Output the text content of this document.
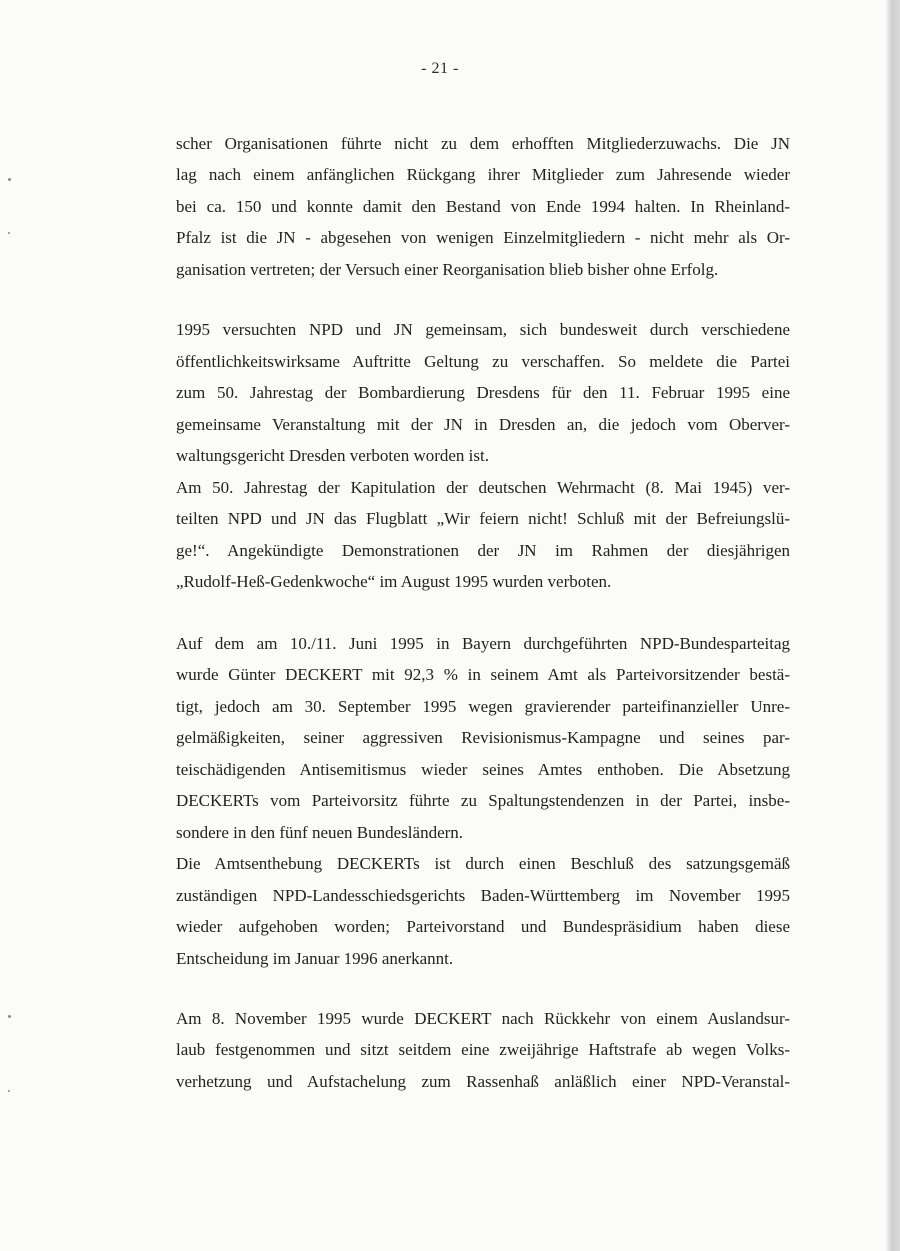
- 21 -
scher Organisationen führte nicht zu dem erhofften Mitgliederzuwachs. Die JN
lag nach einem anfänglichen Rückgang ihrer Mitglieder zum Jahresende wieder
bei ca. 150 und konnte damit den Bestand von Ende 1994 halten. In Rheinland-
Pfalz ist die JN - abgesehen von wenigen Einzelmitgliedern - nicht mehr als Or-
ganisation vertreten; der Versuch einer Reorganisation blieb bisher ohne Erfolg.
1995 versuchten NPD und JN gemeinsam, sich bundesweit durch verschiedene
öffentlichkeitswirksame Auftritte Geltung zu verschaffen. So meldete die Partei
zum 50. Jahrestag der Bombardierung Dresdens für den 11. Februar 1995 eine
gemeinsame Veranstaltung mit der JN in Dresden an, die jedoch vom Oberver-
waltungsgericht Dresden verboten worden ist.
Am 50. Jahrestag der Kapitulation der deutschen Wehrmacht (8. Mai 1945) ver-
teilten NPD und JN das Flugblatt „Wir feiern nicht! Schluß mit der Befreiungslü-
ge!“. Angekündigte Demonstrationen der JN im Rahmen der diesjährigen
„Rudolf-Heß-Gedenkwoche“ im August 1995 wurden verboten.
Auf dem am 10./11. Juni 1995 in Bayern durchgeführten NPD-Bundesparteitag
wurde Günter DECKERT mit 92,3 % in seinem Amt als Parteivorsitzender bestä-
tigt, jedoch am 30. September 1995 wegen gravierender parteifinanzieller Unre-
gelmäßigkeiten, seiner aggressiven Revisionismus-Kampagne und seines par-
teischädigenden Antisemitismus wieder seines Amtes enthoben. Die Absetzung
DECKERTs vom Parteivorsitz führte zu Spaltungstendenzen in der Partei, insbe-
sondere in den fünf neuen Bundesländern.
Die Amtsenthebung DECKERTs ist durch einen Beschluß des satzungsgemäß
zuständigen NPD-Landesschiedsgerichts Baden-Württemberg im November 1995
wieder aufgehoben worden; Parteivorstand und Bundespräsidium haben diese
Entscheidung im Januar 1996 anerkannt.
Am 8. November 1995 wurde DECKERT nach Rückkehr von einem Auslandsur-
laub festgenommen und sitzt seitdem eine zweijährige Haftstrafe ab wegen Volks-
verhetzung und Aufstachelung zum Rassenhaß anläßlich einer NPD-Veranstal-
